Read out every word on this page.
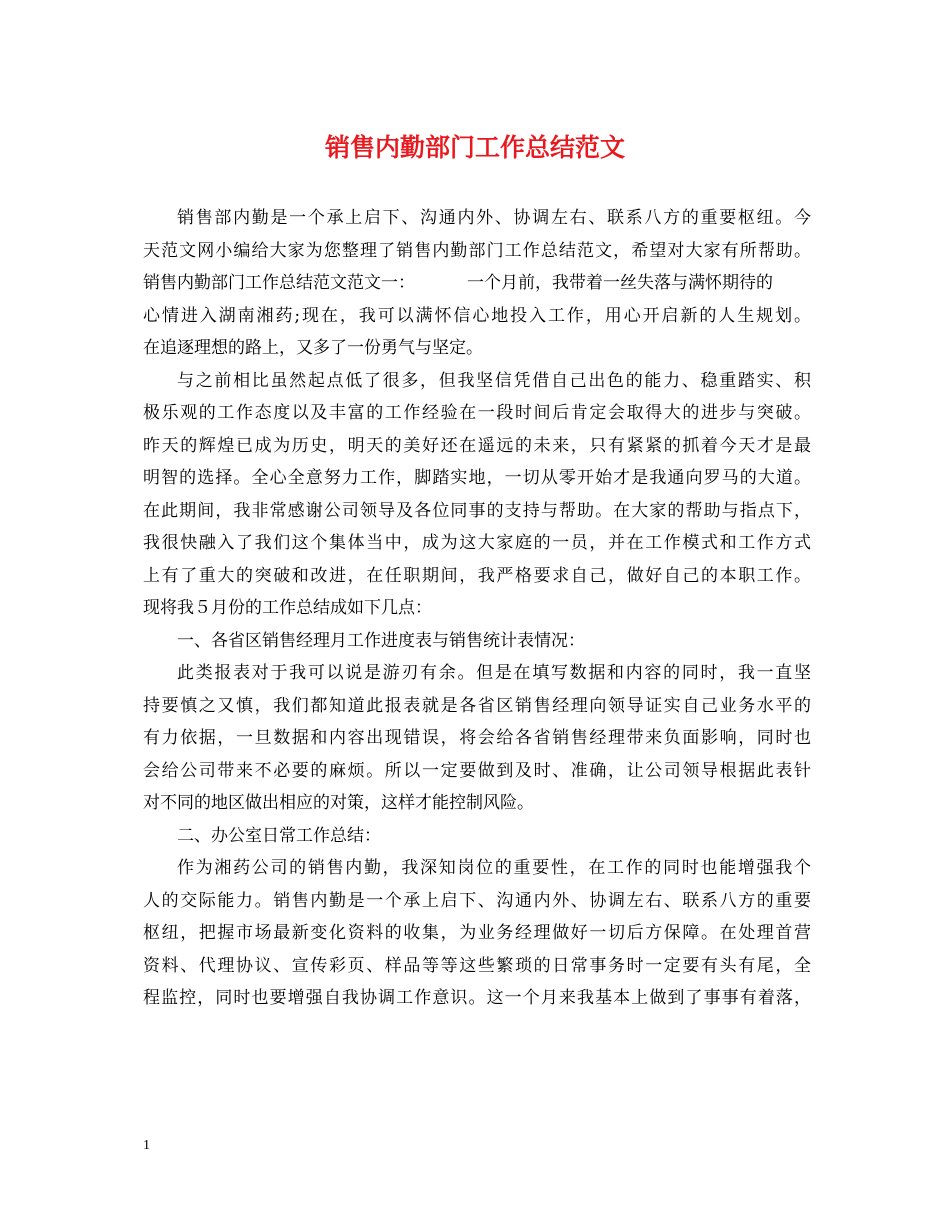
销售内勤部门工作总结范文
销售部内勤是一个承上启下、沟通内外、协调左右、联系八方的重要枢纽。今
天范文网小编给大家为您整理了销售内勤部门工作总结范文，希望对大家有所帮助。
销售内勤部门工作总结范文范文一：	一个月前，我带着一丝失落与满怀期待的
心情进入湖南湘药;现在，我可以满怀信心地投入工作，用心开启新的人生规划。
在追逐理想的路上，又多了一份勇气与坚定。
与之前相比虽然起点低了很多，但我坚信凭借自己出色的能力、稳重踏实、积
极乐观的工作态度以及丰富的工作经验在一段时间后肯定会取得大的进步与突破。
昨天的辉煌已成为历史，明天的美好还在遥远的未来，只有紧紧的抓着今天才是最
明智的选择。全心全意努力工作，脚踏实地，一切从零开始才是我通向罗马的大道。
在此期间，我非常感谢公司领导及各位同事的支持与帮助。在大家的帮助与指点下，
我很快融入了我们这个集体当中，成为这大家庭的一员，并在工作模式和工作方式
上有了重大的突破和改进，在任职期间，我严格要求自己，做好自己的本职工作。
现将我５月份的工作总结成如下几点：
一、各省区销售经理月工作进度表与销售统计表情况：
此类报表对于我可以说是游刃有余。但是在填写数据和内容的同时，我一直坚
持要慎之又慎，我们都知道此报表就是各省区销售经理向领导证实自己业务水平的
有力依据，一旦数据和内容出现错误，将会给各省销售经理带来负面影响，同时也
会给公司带来不必要的麻烦。所以一定要做到及时、准确，让公司领导根据此表针
对不同的地区做出相应的对策，这样才能控制风险。
二、办公室日常工作总结：
作为湘药公司的销售内勤，我深知岗位的重要性，在工作的同时也能增强我个
人的交际能力。销售内勤是一个承上启下、沟通内外、协调左右、联系八方的重要
枢纽，把握市场最新变化资料的收集，为业务经理做好一切后方保障。在处理首营
资料、代理协议、宣传彩页、样品等等这些繁琐的日常事务时一定要有头有尾，全
程监控，同时也要增强自我协调工作意识。这一个月来我基本上做到了事事有着落，
1
